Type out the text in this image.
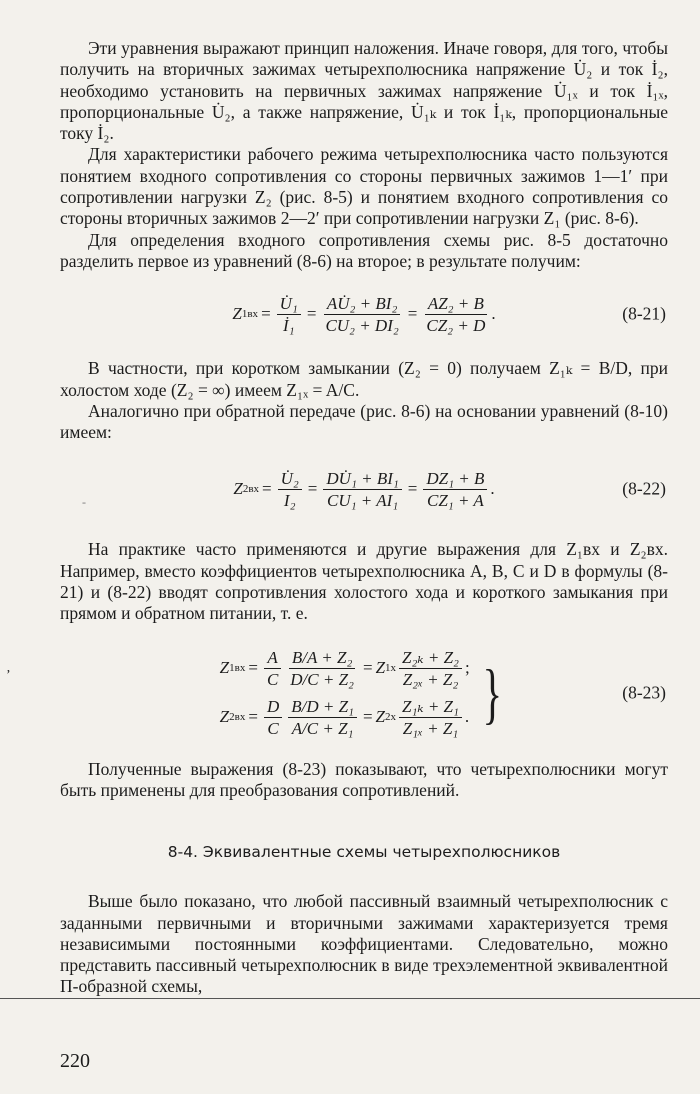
Эти уравнения выражают принцип наложения. Иначе говоря, для того, чтобы получить на вторичных зажимах четырехполюсника напряжение U̇₂ и ток İ₂, необходимо установить на первичных зажимах напряжение U̇₁ₓ и ток İ₁ₓ, пропорциональные U̇₂, а также напряжение, U̇₁ₖ и ток İ₁ₖ, пропорциональные току İ₂.

Для характеристики рабочего режима четырехполюсника часто пользуются понятием входного сопротивления со стороны первичных зажимов 1—1′ при сопротивлении нагрузки Z₂ (рис. 8-5) и понятием входного сопротивления со стороны вторичных зажимов 2—2′ при сопротивлении нагрузки Z₁ (рис. 8-6).

Для определения входного сопротивления схемы рис. 8-5 достаточно разделить первое из уравнений (8-6) на второе; в результате получим:

Z $1вх = \frac{\text{U̇₁}}{\text{İ₁}} = \frac{\text{AU̇₂ + BI₂}}{\text{CU₂ + DI₂}} = \frac{\text{AZ₂ + B}}{\text{CZ₂ + D}}$ .	(8-21)

В частности, при коротком замыкании (Z₂ = 0) получаем Z₁ₖ = B/D, при холостом ходе (Z₂ = ∞) имеем Z₁ₓ = A/C.

Аналогично при обратной передаче (рис. 8-6) на основании уравнений (8-10) имеем:

Z $2вх = \frac{\text{U̇₂}}{\text{I₂}} = \frac{\text{DU̇₁ + BI₁}}{\text{CU₁ + AI₁}} = \frac{\text{DZ₁ + B}}{\text{CZ₁ + A}}$ .	(8-22)

На практике часто применяются и другие выражения для Z₁вх и Z₂вх. Например, вместо коэффициентов четырехполюсника A, B, C и D в формулы (8-21) и (8-22) вводят сопротивления холостого хода и короткого замыкания при прямом и обратном питании, т. е.

Z $1вх = \frac{A}{C} \frac{\text{B/A + Z₂}}{\text{D/C + Z₂}} = Z$ $1х \frac{\text{Z₂ₖ + Z₂}}{\text{Z₂ₓ + Z₂}}$ ;
Z $2вх = \frac{D}{C} \frac{\text{B/D + Z₁}}{\text{A/C + Z₁}} = Z$ $2х \frac{\text{Z₁ₖ + Z₁}}{\text{Z₁ₓ + Z₁}}$ . }	(8-23)

Полученные выражения (8-23) показывают, что четырехполюсники могут быть применены для преобразования сопротивлений.

8-4. Эквивалентные схемы четырехполюсников

Выше было показано, что любой пассивный взаимный четырехполюсник с заданными первичными и вторичными зажимами характеризуется тремя независимыми постоянными коэффициентами. Следовательно, можно представить пассивный четырехполюсник в виде трехэлементной эквивалентной П-образной схемы,

’
-
220
